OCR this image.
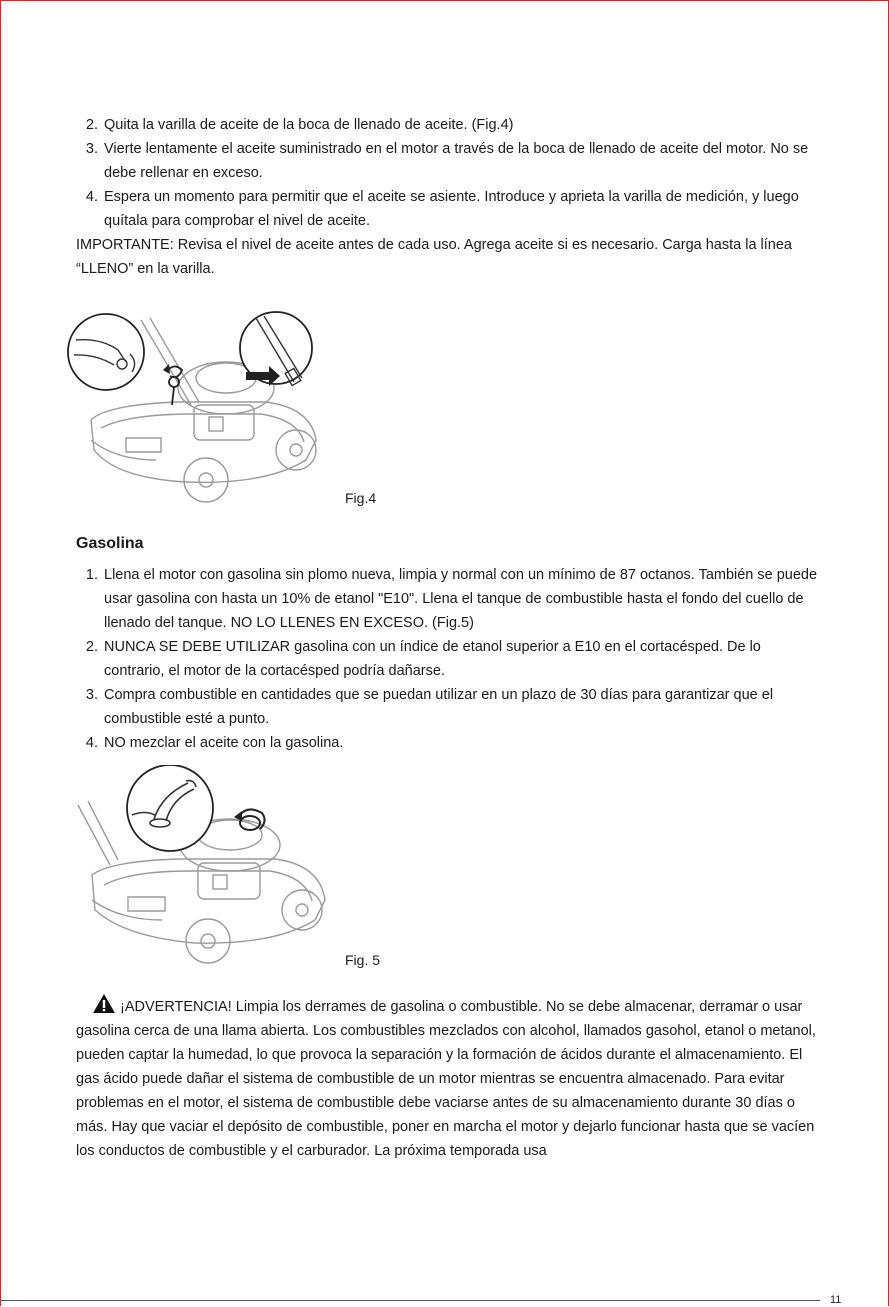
2. Quita la varilla de aceite de la boca de llenado de aceite. (Fig.4)
3. Vierte lentamente el aceite suministrado en el motor a través de la boca de llenado de aceite del motor. No se debe rellenar en exceso.
4. Espera un momento para permitir que el aceite se asiente. Introduce y aprieta la varilla de medición, y luego quítala para comprobar el nivel de aceite.

IMPORTANTE: Revisa el nivel de aceite antes de cada uso. Agrega aceite si es necesario. Carga hasta la línea “LLENO” en la varilla.

Fig.4
Gasolina
1. Llena el motor con gasolina sin plomo nueva, limpia y normal con un mínimo de 87 octanos. También se puede usar gasolina con hasta un 10% de etanol "E10". Llena el tanque de combustible hasta el fondo del cuello de llenado del tanque. NO LO LLENES EN EXCESO. (Fig.5)
2. NUNCA SE DEBE UTILIZAR gasolina con un índice de etanol superior a E10 en el cortacésped. De lo contrario, el motor de la cortacésped podría dañarse.
3. Compra combustible en cantidades que se puedan utilizar en un plazo de 30 días para garantizar que el combustible esté a punto.
4. NO mezclar el aceite con la gasolina.
Fig. 5
¡ADVERTENCIA! Limpia los derrames de gasolina o combustible. No se debe almacenar, derramar o usar gasolina cerca de una llama abierta. Los combustibles mezclados con alcohol, llamados gasohol, etanol o metanol, pueden captar la humedad, lo que provoca la separación y la formación de ácidos durante el almacenamiento. El gas ácido puede dañar el sistema de combustible de un motor mientras se encuentra almacenado. Para evitar problemas en el motor, el sistema de combustible debe vaciarse antes de su almacenamiento durante 30 días o más. Hay que vaciar el depósito de combustible, poner en marcha el motor y dejarlo funcionar hasta que se vacíen los conductos de combustible y el carburador. La próxima temporada usa
11
